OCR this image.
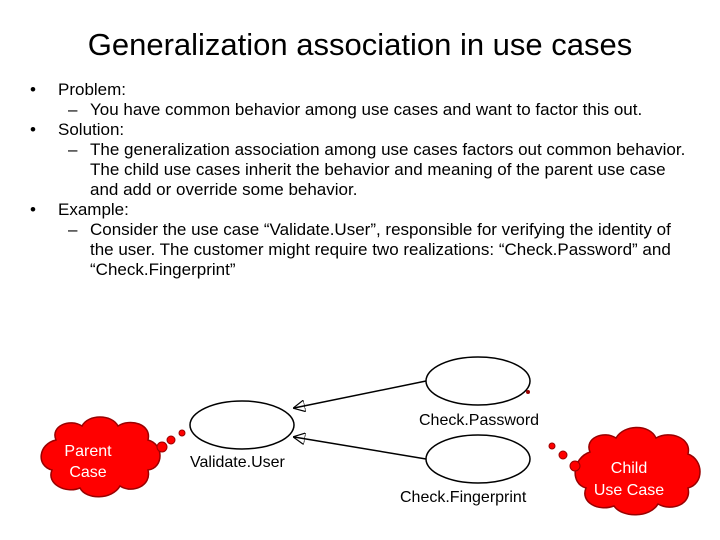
Generalization association in use cases
• Problem:
– You have common behavior among use cases and want to factor this out.
• Solution:
– The generalization association among use cases factors out common behavior. The child use cases inherit the behavior and meaning of the parent use case and add or override some behavior.
• Example:
– Consider the use case “Validate.User”, responsible for verifying the identity of the user. The customer might require two realizations: “Check.Password” and “Check.Fingerprint”
Validate.User
Check.Password
Check.Fingerprint
Parent
Case	Child
Use Case
